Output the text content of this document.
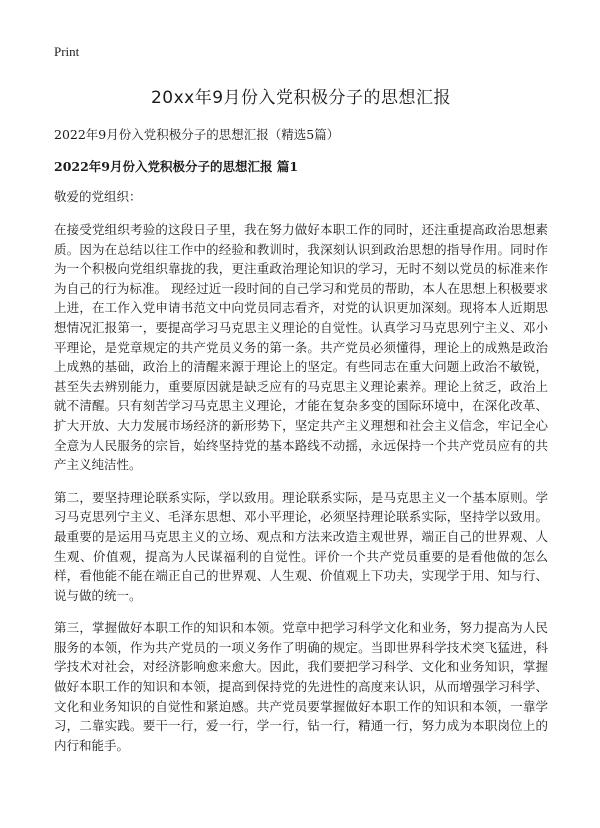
Print
20xx年9月份入党积极分子的思想汇报
2022年9月份入党积极分子的思想汇报（精选5篇）
2022年9月份入党积极分子的思想汇报 篇1
敬爱的党组织：

在接受党组织考验的这段日子里，我在努力做好本职工作的同时，还注重提高政治思想素质。因为在总结以往工作中的经验和教训时，我深刻认识到政治思想的指导作用。同时作为一个积极向党组织靠拢的我，更注重政治理论知识的学习，无时不刻以党员的标准来作为自己的行为标准。 现经过近一段时间的自己学习和党员的帮助，本人在思想上积极要求上进，在工作入党申请书范文中向党员同志看齐，对党的认识更加深刻。现将本人近期思想情况汇报第一，要提高学习马克思主义理论的自觉性。认真学习马克思列宁主义、邓小平理论，是党章规定的共产党员义务的第一条。共产党员必须懂得，理论上的成熟是政治上成熟的基础，政治上的清醒来源于理论上的坚定。有些同志在重大问题上政治不敏锐，甚至失去辨别能力，重要原因就是缺乏应有的马克思主义理论素养。理论上贫乏，政治上就不清醒。只有刻苦学习马克思主义理论，才能在复杂多变的国际环境中，在深化改革、扩大开放、大力发展市场经济的新形势下，坚定共产主义理想和社会主义信念，牢记全心全意为人民服务的宗旨，始终坚持党的基本路线不动摇，永远保持一个共产党员应有的共产主义纯洁性。

第二，要坚持理论联系实际，学以致用。理论联系实际，是马克思主义一个基本原则。学习马克思列宁主义、毛泽东思想、邓小平理论，必须坚持理论联系实际，坚持学以致用。最重要的是运用马克思主义的立场、观点和方法来改造主观世界，端正自己的世界观、人生观、价值观，提高为人民谋福利的自觉性。评价一个共产党员重要的是看他做的怎么样，看他能不能在端正自己的世界观、人生观、价值观上下功夫，实现学于用、知与行、说与做的统一。

第三，掌握做好本职工作的知识和本领。党章中把学习科学文化和业务，努力提高为人民服务的本领，作为共产党员的一项义务作了明确的规定。当即世界科学技术突飞猛进，科学技术对社会，对经济影响愈来愈大。因此，我们要把学习科学、文化和业务知识，掌握做好本职工作的知识和本领，提高到保持党的先进性的高度来认识，从而增强学习科学、文化和业务知识的自觉性和紧迫感。共产党员要掌握做好本职工作的知识和本领，一靠学习，二靠实践。要干一行，爱一行，学一行，钻一行，精通一行，努力成为本职岗位上的内行和能手。
